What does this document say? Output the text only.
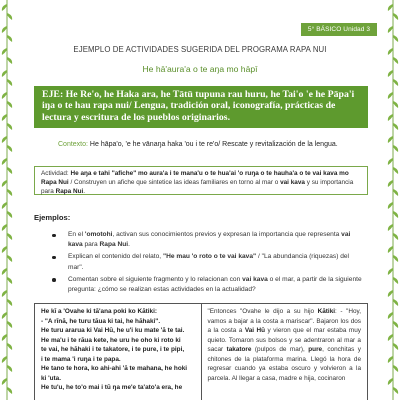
5° BÁSICO Unidad 3
EJEMPLO DE ACTIVIDADES SUGERIDA DEL PROGRAMA RAPA NUI
He hā'aura'a o te aŋa mo hāpī
EJE: He Re'o, he Haka ara, he Tātū tupuna rau huru, he Tai'o 'e he Pāpa'i iŋa o te hau rapa nui/ Lengua, tradición oral, iconografía, prácticas de lectura y escritura de los pueblos originarios.
Contexto: He hāpa'o, 'e he vānaŋa haka 'ou i te re'o/ Rescate y revitalización de la lengua.
Actividad: He aŋa e tahi "afiche" mo aura'a i te mana'u o te hua'ai 'o ruŋa o te hauha'a o te vai kava mo Rapa Nui / Construyen un afiche que sintetice las ideas familiares en torno al mar o vai kava y su importancia para Rapa Nui.
Ejemplos:
En el 'omotohi, activan sus conocimientos previos y expresan la importancia que representa vai kava para Rapa Nui.
Explican el contenido del relato, "He mau 'o roto o te vai kava" / "La abundancia (riquezas) del mar".
Comentan sobre el siguiente fragmento y lo relacionan con vai kava o el mar, a partir de la siguiente pregunta: ¿cómo se realizan estas actividades en la actualidad?
He kī a 'Ovahe ki tā'ana poki ko Kātiki:
- "A rīnā, he turu tāua ki tai, he hāhaki".
He turu ararua ki Vai Hū, he u'i ku mate 'ā te tai.
He ma'u i te rāua kete, he uru he oho ki roto ki
te vai, he hāhaki i te takatore, i te pure, i te pipi,
i te mama 'i ruŋa i te papa.
He tano te hora, ko ahi-ahi 'ā te mahana, he hoki
ki 'uta.
He tu'u, he to'o mai i tū ŋa me'e ta'ato'a era, he
"Entonces "Ovahe le dijo a su hijo Kātiki: - "Hoy, vamos a bajar a la costa a mariscar". Bajaron los dos a la costa a Vai Hū y vieron que el mar estaba muy quieto. Tomaron sus bolsos y se adentraron al mar a sacar takatore (pulpos de mar), pure, conchitas y chitones de la plataforma marina. Llegó la hora de regresar cuando ya estaba oscuro y volvieron a la parcela. Al llegar a casa, madre e hija, cocinaron
